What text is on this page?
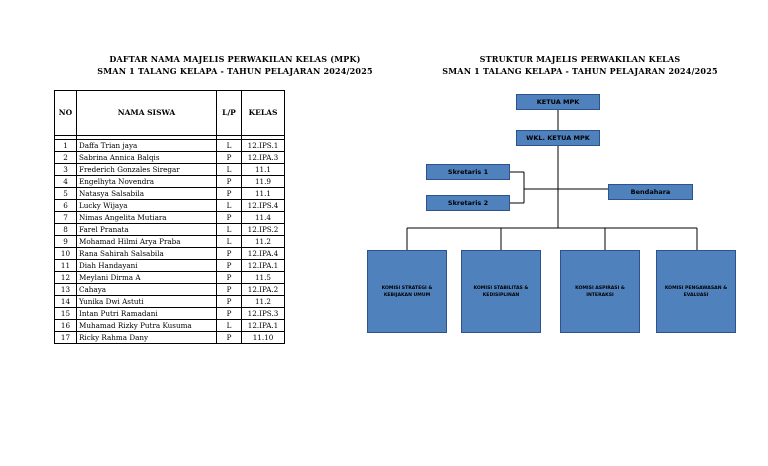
DAFTAR NAMA MAJELIS PERWAKILAN KELAS (MPK)
SMAN 1 TALANG KELAPA - TAHUN PELAJARAN 2024/2025
STRUKTUR MAJELIS PERWAKILAN KELAS
SMAN 1 TALANG KELAPA - TAHUN PELAJARAN 2024/2025
NO	NAMA SISWA	L/P	KELAS

1	Daffa Trian jaya	L	12.IPS.1
2	Sabrina Annica Balqis	P	12.IPA.3
3	Frederich Gonzales Siregar	L	11.1
4	Engelhyta Novendra	P	11.9
5	Natasya Salsabila	P	11.1
6	Lucky Wijaya	L	12.IPS.4
7	Nimas Angelita Mutiara	P	11.4
8	Farel Pranata	L	12.IPS.2
9	Mohamad Hilmi Arya Praba	L	11.2
10	Rana Sahirah Salsabila	P	12.IPA.4
11	Diah Handayani	P	12.IPA.1
12	Meylani Dirma A	P	11.5
13	Cahaya	P	12.IPA.2
14	Yunika Dwi Astuti	P	11.2
15	Intan Putri Ramadani	P	12.IPS.3
16	Muhamad Rizky Putra Kusuma	L	12.IPA.1
17	Ricky Rahma Dany	P	11.10
KETUA MPK
WKL. KETUA MPK
Skretaris 1
Skretaris 2
Bendahara
KOMISI STRATEGI & KEBIJAKAN UMUM
KOMISI STABILITAS & KEDISIPLINAN
KOMISI ASPIRASI & INTERAKSI
KOMISI PENGAWASAN & EVALUASI
